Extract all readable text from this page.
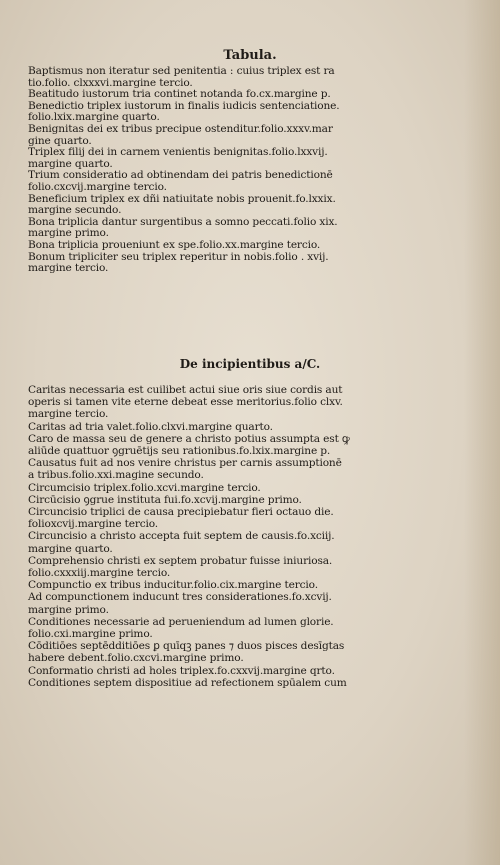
Tabula.
Baptismus non iteratur sed penitentia : cuius triplex est ra
tio.folio. clxxxvi.margine tercio.
Beatitudo iustorum tria continet notanda fo.cx.margine p.
Benedictio triplex iustorum in finalis iudicis sentenciatione.
folio.lxix.margine quarto.
Benignitas dei ex tribus precipue ostenditur.folio.xxxv.mar
gine quarto.
Triplex filij dei in carnem venientis benignitas.folio.lxxvij.
margine quarto.
Trium consideratio ad obtinendam dei patris benedictionē
folio.cxcvij.margine tercio.
Beneficium triplex ex dñi natiuitate nobis prouenit.fo.lxxix.
margine secundo.
Bona triplicia dantur surgentibus a somno peccati.folio xix.
margine primo.
Bona triplicia proueniunt ex spe.folio.xx.margine tercio.
Bonum tripliciter seu triplex reperitur in nobis.folio . xvij.
margine tercio.
De incipientibus a/C.
Caritas necessaria est cuilibet actui siue oris siue cordis aut
operis si tamen vite eterne debeat esse meritorius.folio clxv.
margine tercio.
Caritas ad tria valet.folio.clxvi.margine quarto.
Caro de massa seu de genere a christo potius assumpta est ꝙ
aliūde quattuor ꝯgruētijs seu rationibus.fo.lxix.margine p.
Causatus fuit ad nos venire christus per carnis assumptionē
a tribus.folio.xxi.magine secundo.
Circumcisio triplex.folio.xcvi.margine tercio.
Circūcisio ꝯgrue instituta fui.fo.xcvij.margine primo.
Circuncisio triplici de causa precipiebatur fieri octauo die.
folioxcvij.margine tercio.
Circuncisio a christo accepta fuit septem de causis.fo.xciij.
margine quarto.
Comprehensio christi ex septem probatur fuisse iniuriosa.
folio.cxxxiij.margine tercio.
Compunctio ex tribus inducitur.folio.cix.margine tercio.
Ad compunctionem inducunt tres considerationes.fo.xcvij.
margine primo.
Conditiones necessarie ad perueniendum ad lumen glorie.
folio.cxi.margine primo.
Cōditiōes septēdditiōes ꝑ quīqꝫ panes ⁊ duos pisces desīgtas
habere debent.folio.cxcvi.margine primo.
Conformatio christi ad holes triplex.fo.cxxvij.margine qrto.
Conditiones septem dispositiue ad refectionem spūalem cum
